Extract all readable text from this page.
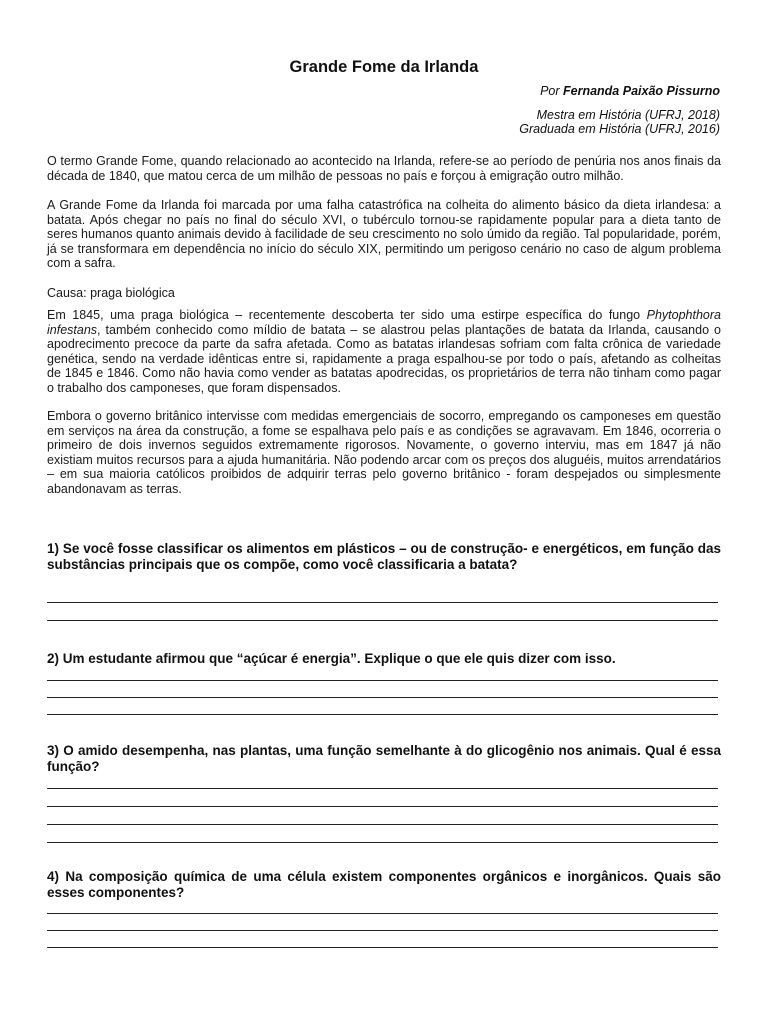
Grande Fome da Irlanda
Por Fernanda Paixão Pissurno
Mestra em História (UFRJ, 2018)
Graduada em História (UFRJ, 2016)

O termo Grande Fome, quando relacionado ao acontecido na Irlanda, refere-se ao período de penúria nos anos finais da década de 1840, que matou cerca de um milhão de pessoas no país e forçou à emigração outro milhão.

A Grande Fome da Irlanda foi marcada por uma falha catastrófica na colheita do alimento básico da dieta irlandesa: a batata. Após chegar no país no final do século XVI, o tubérculo tornou-se rapidamente popular para a dieta tanto de seres humanos quanto animais devido à facilidade de seu crescimento no solo úmido da região. Tal popularidade, porém, já se transformara em dependência no início do século XIX, permitindo um perigoso cenário no caso de algum problema com a safra.

Causa: praga biológica

Em 1845, uma praga biológica – recentemente descoberta ter sido uma estirpe específica do fungo Phytophthora infestans, também conhecido como míldio de batata – se alastrou pelas plantações de batata da Irlanda, causando o apodrecimento precoce da parte da safra afetada. Como as batatas irlandesas sofriam com falta crônica de variedade genética, sendo na verdade idênticas entre si, rapidamente a praga espalhou-se por todo o país, afetando as colheitas de 1845 e 1846. Como não havia como vender as batatas apodrecidas, os proprietários de terra não tinham como pagar o trabalho dos camponeses, que foram dispensados.

Embora o governo britânico intervisse com medidas emergenciais de socorro, empregando os camponeses em questão em serviços na área da construção, a fome se espalhava pelo país e as condições se agravavam. Em 1846, ocorreria o primeiro de dois invernos seguidos extremamente rigorosos. Novamente, o governo interviu, mas em 1847 já não existiam muitos recursos para a ajuda humanitária. Não podendo arcar com os preços dos aluguéis, muitos arrendatários – em sua maioria católicos proibidos de adquirir terras pelo governo britânico - foram despejados ou simplesmente abandonavam as terras.

1) Se você fosse classificar os alimentos em plásticos – ou de construção- e energéticos, em função das substâncias principais que os compõe, como você classificaria a batata?

2) Um estudante afirmou que “açúcar é energia”. Explique o que ele quis dizer com isso.

3) O amido desempenha, nas plantas, uma função semelhante à do glicogênio nos animais. Qual é essa função?

4) Na composição química de uma célula existem componentes orgânicos e inorgânicos. Quais são esses componentes?
